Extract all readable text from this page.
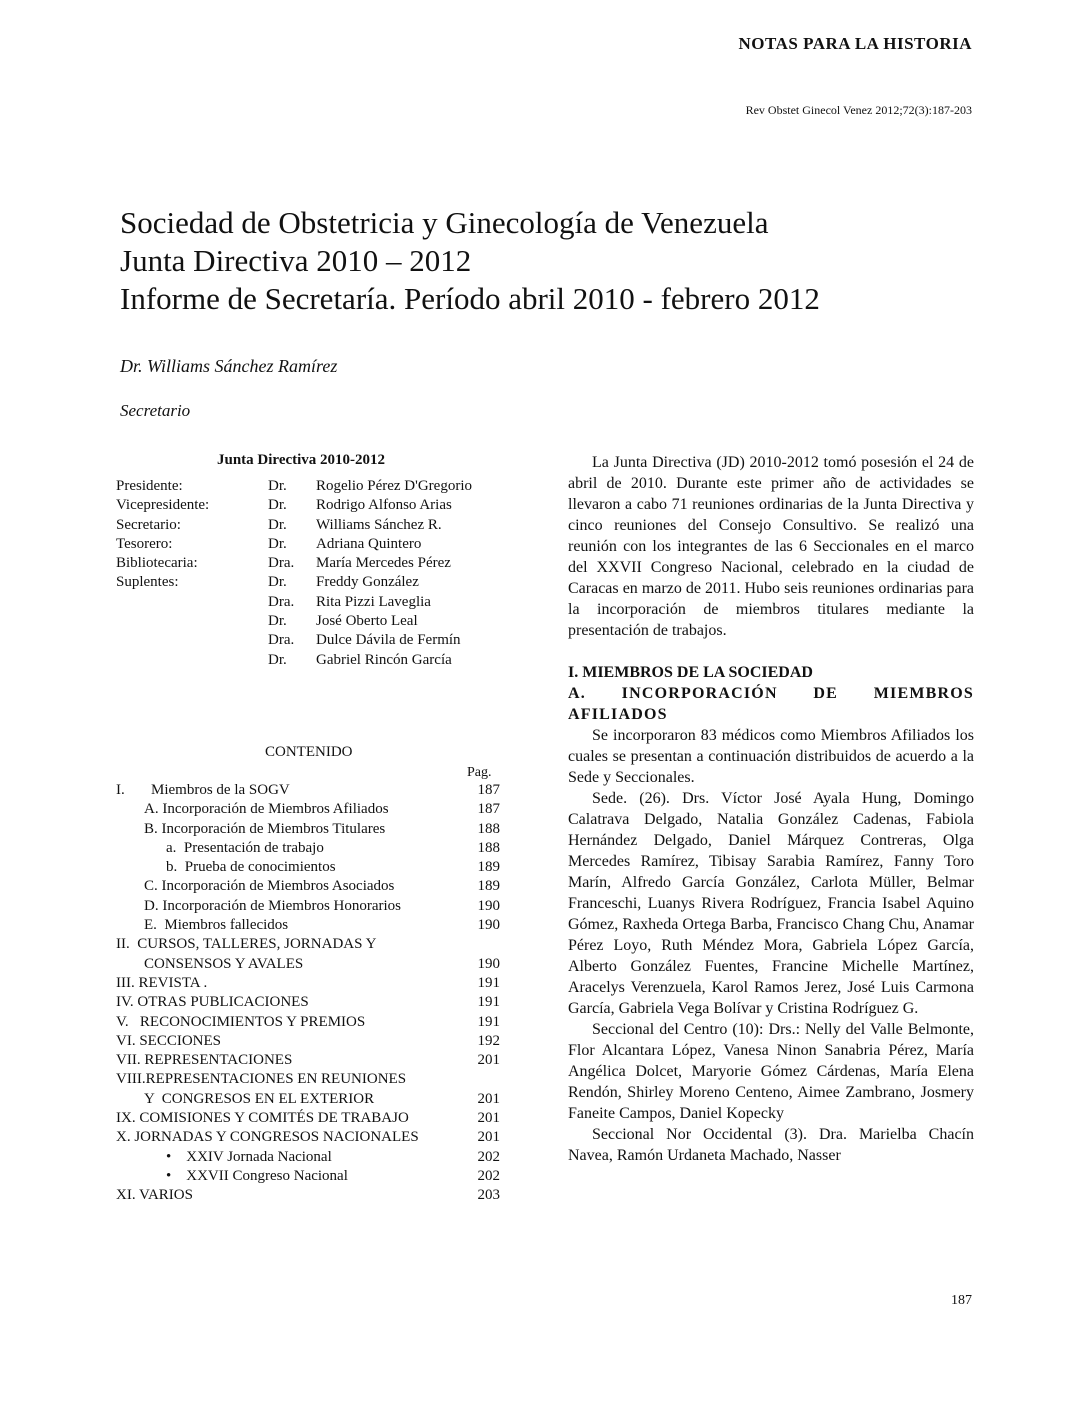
NOTAS PARA LA HISTORIA
Rev Obstet Ginecol Venez 2012;72(3):187-203
Sociedad de Obstetricia y Ginecología de Venezuela
Junta Directiva 2010 – 2012
Informe de Secretaría. Período abril 2010 - febrero 2012
Dr. Williams Sánchez Ramírez
Secretario
Junta Directiva 2010-2012
Presidente:	Dr. Rogelio Pérez D'Gregorio
Vicepresidente:	Dr. Rodrigo Alfonso Arias
Secretario:	Dr. Williams Sánchez R.
Tesorero:	Dr. Adriana Quintero
Bibliotecaria:	Dra. María Mercedes Pérez
Suplentes:	Dr. Freddy González
Dra. Rita Pizzi Laveglia
Dr. José Oberto Leal
Dra. Dulce Dávila de Fermín
Dr. Gabriel Rincón García
CONTENIDO
Pag.
I.       Miembros de la SOGV	187
A. Incorporación de Miembros Afiliados	187
B. Incorporación de Miembros Titulares	188
a.  Presentación de trabajo	188
b.  Prueba de conocimientos	189
C. Incorporación de Miembros Asociados	189
D. Incorporación de Miembros Honorarios	190
E.  Miembros fallecidos	190
II.  CURSOS, TALLERES, JORNADAS Y
CONSENSOS Y AVALES	190
III. REVISTA .	191
IV. OTRAS PUBLICACIONES	191
V.   RECONOCIMIENTOS Y PREMIOS	191
VI. SECCIONES	192
VII. REPRESENTACIONES	201
VIII.REPRESENTACIONES EN REUNIONES
Y  CONGRESOS EN EL EXTERIOR	201
IX. COMISIONES Y COMITÉS DE TRABAJO	201
X. JORNADAS Y CONGRESOS NACIONALES	201
•    XXIV Jornada Nacional	202
•    XXVII Congreso Nacional	202
XI. VARIOS	203

La Junta Directiva (JD) 2010-2012 tomó posesión el 24 de abril de 2010. Durante este primer año de actividades se llevaron a cabo 71 reuniones ordinarias de la Junta Directiva y cinco reuniones del Consejo Consultivo. Se realizó una reunión con los integrantes de las 6 Seccionales en el marco del XXVII Congreso Nacional, celebrado en la ciudad de Caracas en marzo de 2011. Hubo seis reuniones ordinarias para la incorporación de miembros titulares mediante la presentación de trabajos.

I. MIEMBROS DE LA SOCIEDAD
A. INCORPORACIÓN DE MIEMBROS AFILIADOS

Se incorporaron 83 médicos como Miembros Afiliados los cuales se presentan a continuación distribuidos de acuerdo a la Sede y Seccionales.

Sede. (26). Drs. Víctor José Ayala Hung, Domingo Calatrava Delgado, Natalia González Cadenas, Fabiola Hernández Delgado, Daniel Márquez Contreras, Olga Mercedes Ramírez, Tibisay Sarabia Ramírez, Fanny Toro Marín, Alfredo García González, Carlota Müller, Belmar Franceschi, Luanys Rivera Rodríguez, Francia Isabel Aquino Gómez, Raxheda Ortega Barba, Francisco Chang Chu, Anamar Pérez Loyo, Ruth Méndez Mora, Gabriela López García, Alberto González Fuentes, Francine Michelle Martínez, Aracelys Verenzuela, Karol Ramos Jerez, José Luis Carmona García, Gabriela Vega Bolívar y Cristina Rodríguez G.

Seccional del Centro (10): Drs.: Nelly del Valle Belmonte, Flor Alcantara López, Vanesa Ninon Sanabria Pérez, María Angélica Dolcet, Maryorie Gómez Cárdenas, María Elena Rendón, Shirley Moreno Centeno, Aimee Zambrano, Josmery Faneite Campos, Daniel Kopecky

Seccional Nor Occidental (3). Dra. Marielba Chacín Navea, Ramón Urdaneta Machado, Nasser

187
